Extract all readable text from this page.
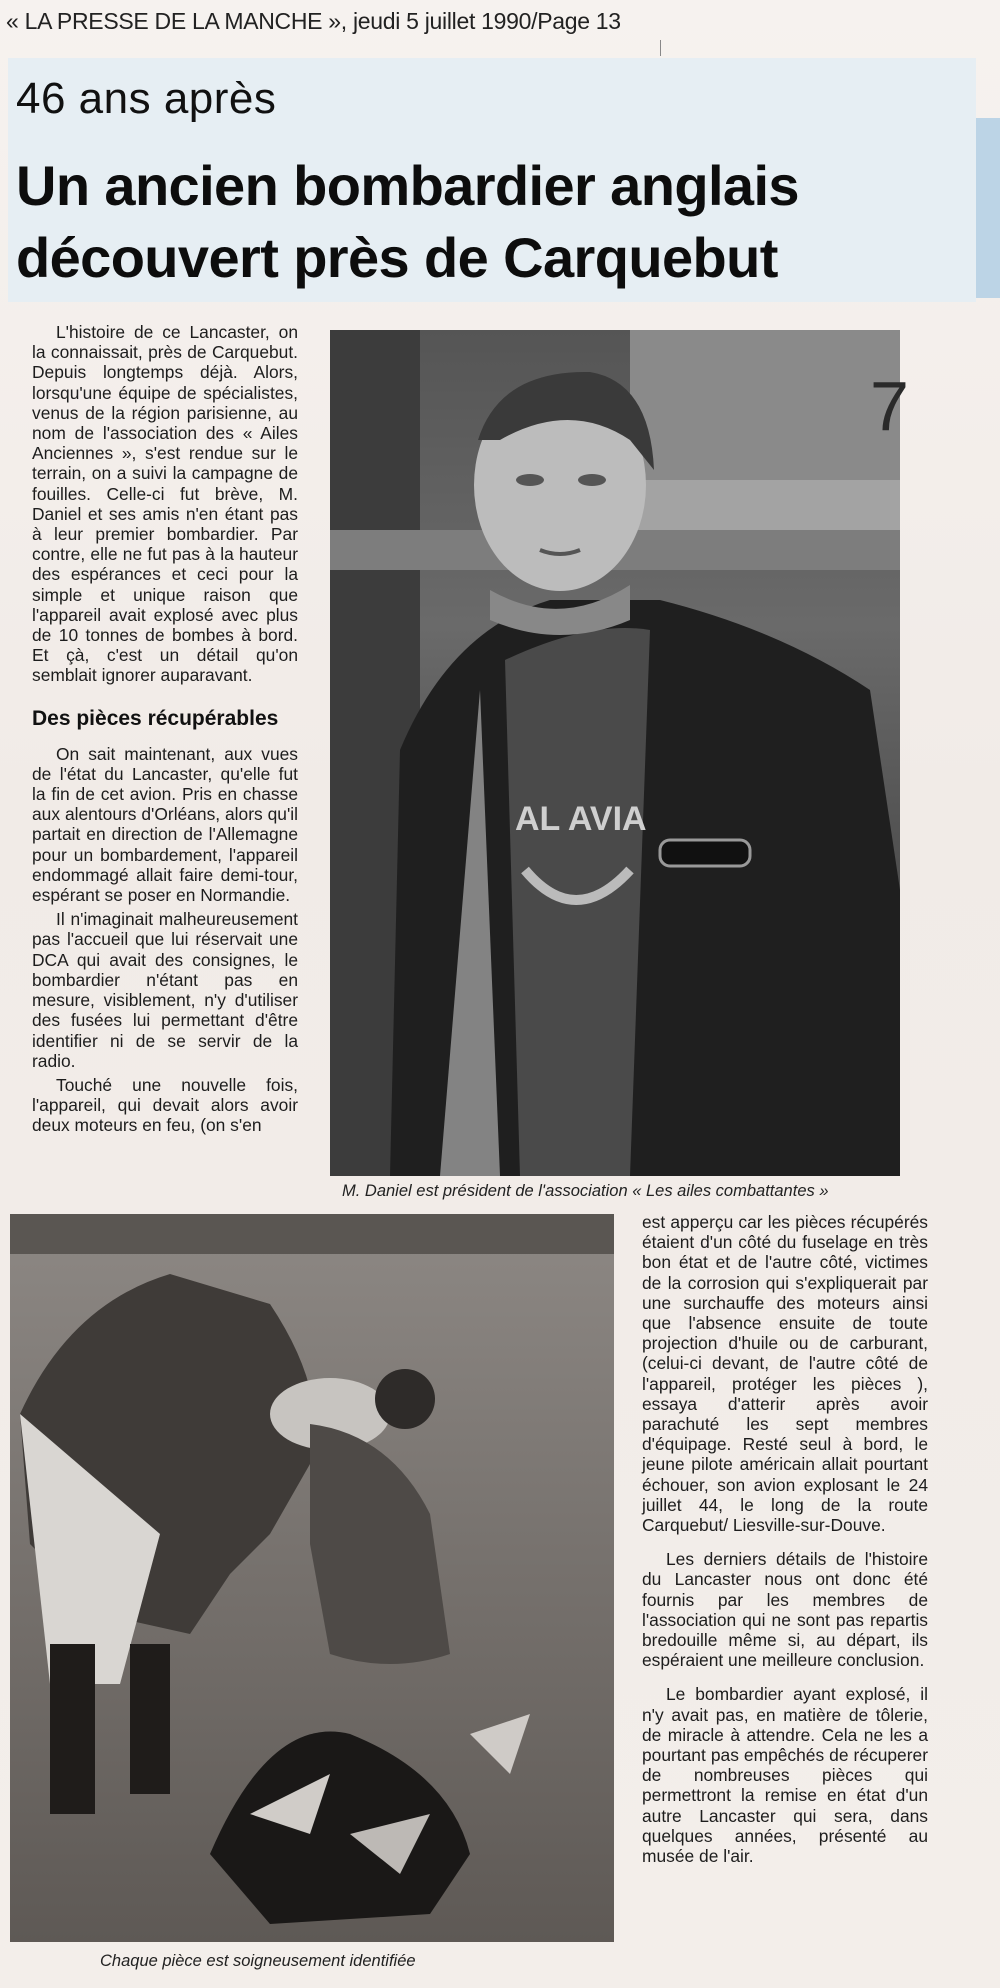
« LA PRESSE DE LA MANCHE », jeudi 5 juillet 1990/Page 13
46 ans après
Un ancien bombardier anglais
découvert près de Carquebut

L'histoire de ce Lancaster, on la connaissait, près de Carquebut. Depuis longtemps déjà. Alors, lorsqu'une équipe de spécialistes, venus de la région parisienne, au nom de l'association des « Ailes Anciennes », s'est rendue sur le terrain, on a suivi la campagne de fouilles. Celle-ci fut brève, M. Daniel et ses amis n'en étant pas à leur premier bombardier. Par contre, elle ne fut pas à la hauteur des espérances et ceci pour la simple et unique raison que l'appareil avait explosé avec plus de 10 tonnes de bombes à bord. Et çà, c'est un détail qu'on semblait ignorer auparavant.

Des pièces récupérables

On sait maintenant, aux vues de l'état du Lancaster, qu'elle fut la fin de cet avion. Pris en chasse aux alentours d'Orléans, alors qu'il partait en direction de l'Allemagne pour un bombardement, l'appareil endommagé allait faire demi-tour, espérant se poser en Normandie.

Il n'imaginait malheureusement pas l'accueil que lui réservait une DCA qui avait des consignes, le bombardier n'étant pas en mesure, visiblement, n'y d'utiliser des fusées lui permettant d'être identifier ni de se servir de la radio.

Touché une nouvelle fois, l'appareil, qui devait alors avoir deux moteurs en feu, (on s'en

7
AL AVIA
M. Daniel est président de l'association « Les ailes combattantes »
Chaque pièce est soigneusement identifiée

est apperçu car les pièces récupérés étaient d'un côté du fuselage en très bon état et de l'autre côté, victimes de la corrosion qui s'expliquerait par une surchauffe des moteurs ainsi que l'absence ensuite de toute projection d'huile ou de carburant, (celui-ci devant, de l'autre côté de l'appareil, protéger les pièces ), essaya d'atterir après avoir parachuté les sept membres d'équipage. Resté seul à bord, le jeune pilote américain allait pourtant échouer, son avion explosant le 24 juillet 44, le long de la route Carquebut/ Liesville-sur-Douve.

Les derniers détails de l'histoire du Lancaster nous ont donc été fournis par les membres de l'association qui ne sont pas repartis bredouille même si, au départ, ils espéraient une meilleure conclusion.

Le bombardier ayant explosé, il n'y avait pas, en matière de tôlerie, de miracle à attendre. Cela ne les a pourtant pas empêchés de récuperer de nombreuses pièces qui permettront la remise en état d'un autre Lancaster qui sera, dans quelques années, présenté au musée de l'air.
